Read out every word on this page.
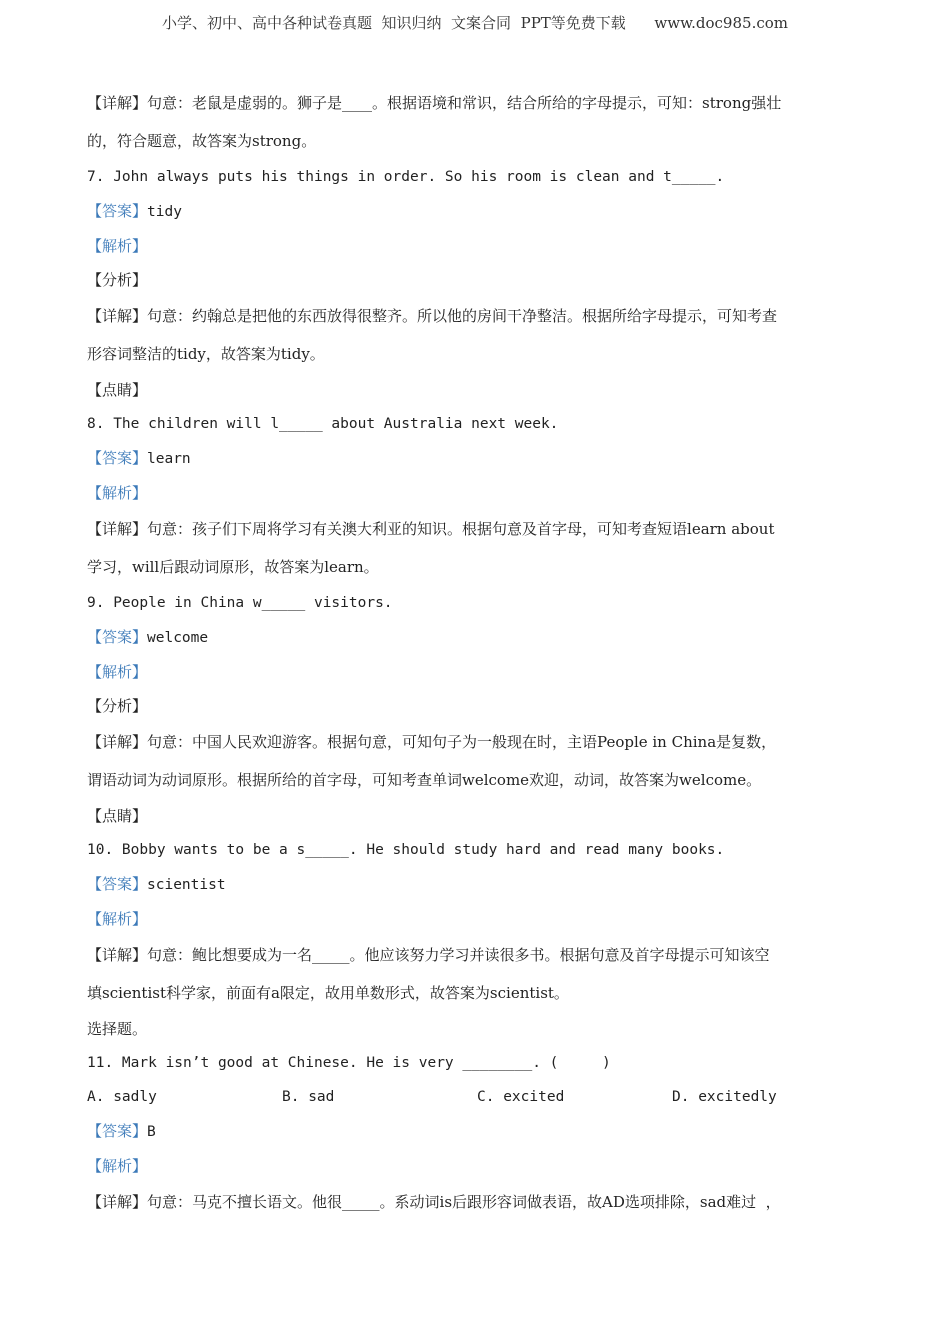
小学、初中、高中各种试卷真题  知识归纳  文案合同  PPT等免费下载      www.doc985.com
【详解】句意：老鼠是虚弱的。狮子是____。根据语境和常识，结合所给的字母提示，可知：strong强壮
的，符合题意，故答案为strong。
7. John always puts his things in order. So his room is clean and t_____.
【答案】tidy
【解析】
【分析】
【详解】句意：约翰总是把他的东西放得很整齐。所以他的房间干净整洁。根据所给字母提示，可知考查
形容词整洁的tidy，故答案为tidy。
【点睛】
8. The children will l_____ about Australia next week.
【答案】learn
【解析】
【详解】句意：孩子们下周将学习有关澳大利亚的知识。根据句意及首字母，可知考查短语learn about
学习，will后跟动词原形，故答案为learn。
9. People in China w_____ visitors.
【答案】welcome
【解析】
【分析】
【详解】句意：中国人民欢迎游客。根据句意，可知句子为一般现在时，主语People in China是复数，
谓语动词为动词原形。根据所给的首字母，可知考查单词welcome欢迎，动词，故答案为welcome。
【点睛】
10. Bobby wants to be a s_____. He should study hard and read many books.
【答案】scientist
【解析】
【详解】句意：鲍比想要成为一名_____。他应该努力学习并读很多书。根据句意及首字母提示可知该空
填scientist科学家，前面有a限定，故用单数形式，故答案为scientist。
选择题。
11. Mark isn’t good at Chinese. He is very ________. (     )
A. sadly	B. sad	C. excited	D. excitedly
【答案】B
【解析】
【详解】句意：马克不擅长语文。他很_____。系动词is后跟形容词做表语，故AD选项排除，sad难过  ，
